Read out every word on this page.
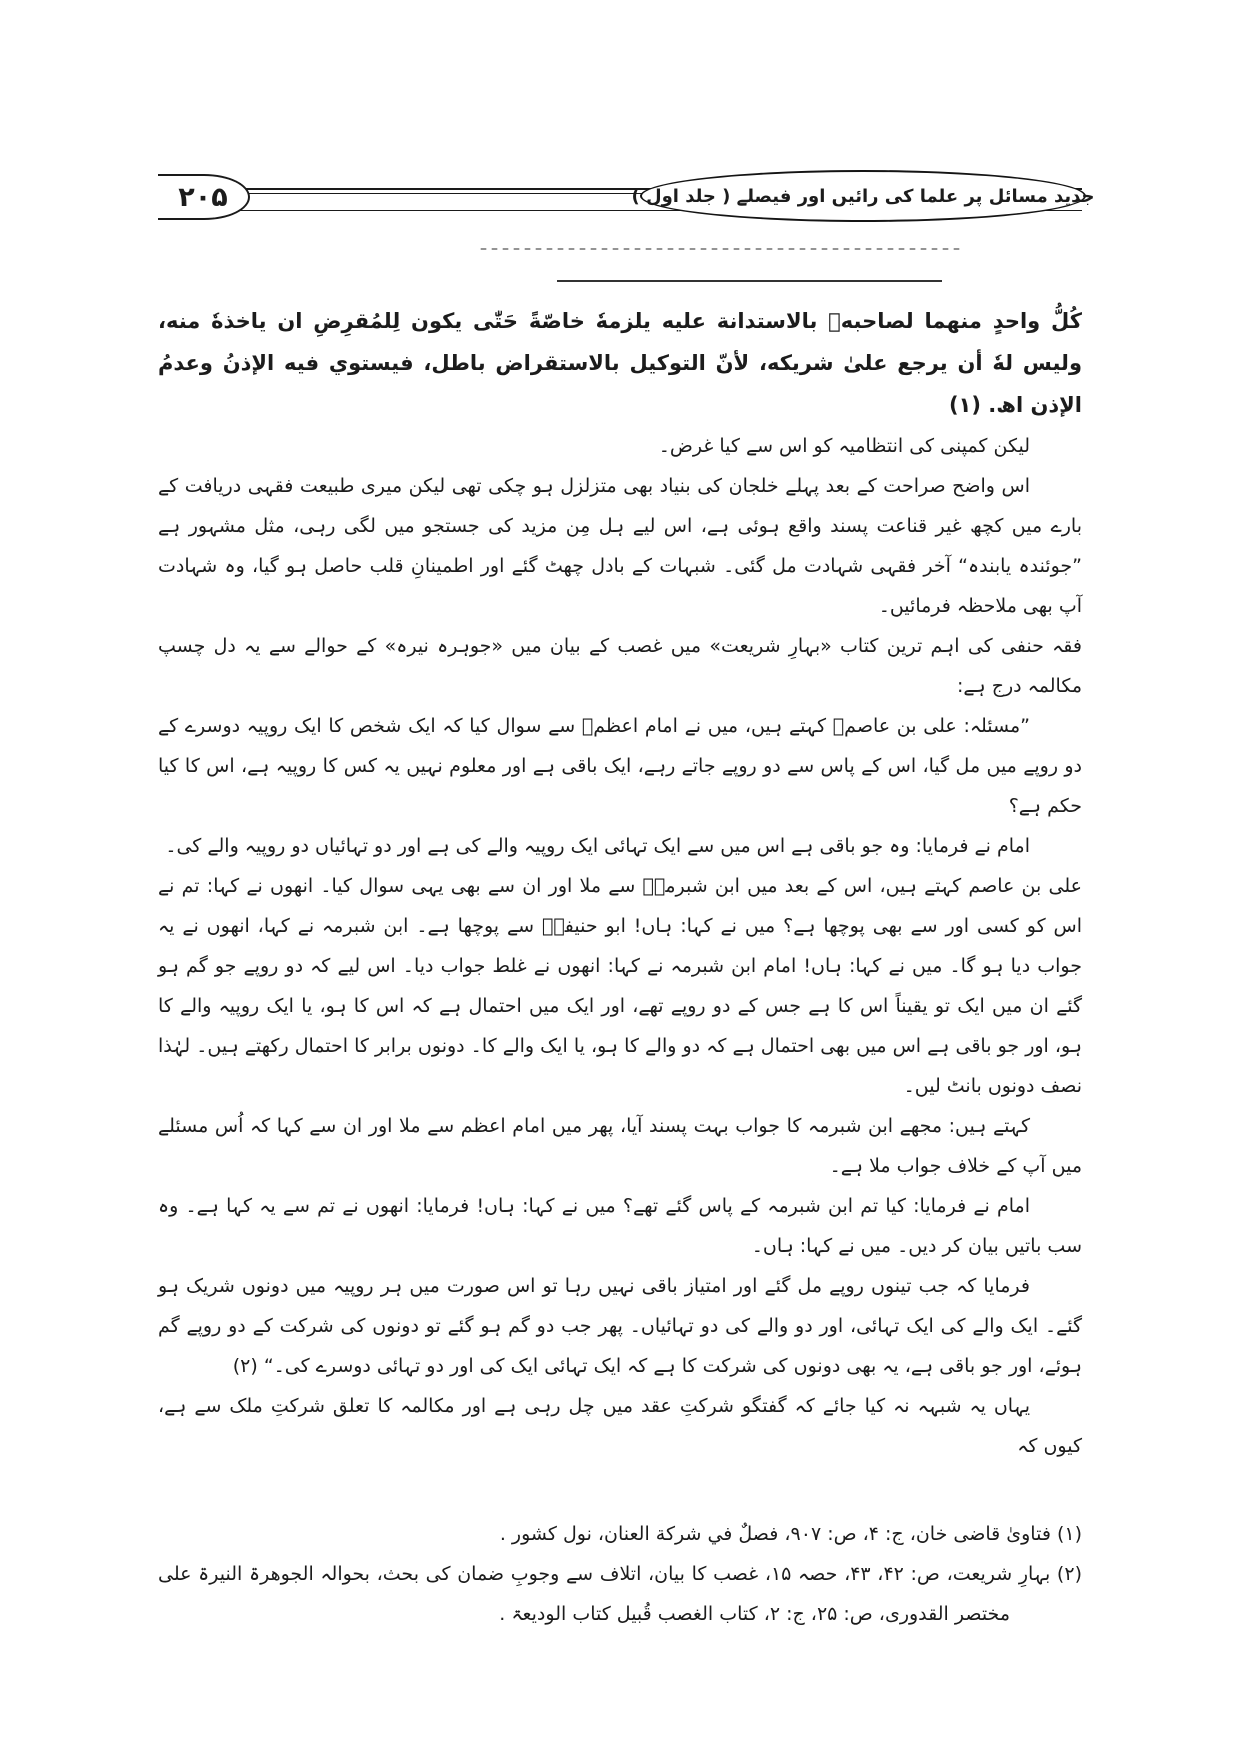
۲۰۵	جدید مسائل پر علما کی رائیں اور فیصلے ( جلد اول )
––––––––––––––––––––––––––––––––––––––––––––

كُلُّ واحدٍ منهما لصاحبهٖ بالاستدانة عليه يلزمهٗ خاصّةً حَتّٰى يكون لِلمُقرِضِ ان ياخذهٗ منه، وليس لهٗ أن يرجع علىٰ شريكه، لأنّ التوكيل بالاستقراض باطل، فيستوي فيه الإذنُ وعدمُ الإذن اھ. (۱)

لیکن کمپنی کی انتظامیہ کو اس سے کیا غرض۔

اس واضح صراحت کے بعد پہلے خلجان کی بنیاد بھی متزلزل ہو چکی تھی لیکن میری طبیعت فقہی دریافت کے بارے میں کچھ غیر قناعت پسند واقع ہوئی ہے، اس لیے ہل مِن مزید کی جستجو میں لگی رہی، مثل مشہور ہے ”جوئندہ یابندہ“ آخر فقہی شہادت مل گئی۔ شبہات کے بادل چھٹ گئے اور اطمینانِ قلب حاصل ہو گیا، وہ شہادت آپ بھی ملاحظہ فرمائیں۔

فقہ حنفی کی اہم ترین کتاب «بہارِ شریعت» میں غصب کے بیان میں «جوہرہ نیرہ» کے حوالے سے یہ دل چسپ مکالمہ درج ہے:

”مسئلہ: علی بن عاصمؒ کہتے ہیں، میں نے امام اعظمؓ سے سوال کیا کہ ایک شخص کا ایک روپیہ دوسرے کے دو روپے میں مل گیا، اس کے پاس سے دو روپے جاتے رہے، ایک باقی ہے اور معلوم نہیں یہ کس کا روپیہ ہے، اس کا کیا حکم ہے؟

امام نے فرمایا: وہ جو باقی ہے اس میں سے ایک تہائی ایک روپیہ والے کی ہے اور دو تہائیاں دو روپیہ والے کی۔

علی بن عاصم کہتے ہیں، اس کے بعد میں ابن شبرمہؒ سے ملا اور ان سے بھی یہی سوال کیا۔ انھوں نے کہا: تم نے اس کو کسی اور سے بھی پوچھا ہے؟ میں نے کہا: ہاں! ابو حنیفہؓ سے پوچھا ہے۔ ابن شبرمہ نے کہا، انھوں نے یہ جواب دیا ہو گا۔ میں نے کہا: ہاں! امام ابن شبرمہ نے کہا: انھوں نے غلط جواب دیا۔ اس لیے کہ دو روپے جو گم ہو گئے ان میں ایک تو یقیناً اس کا ہے جس کے دو روپے تھے، اور ایک میں احتمال ہے کہ اس کا ہو، یا ایک روپیہ والے کا ہو، اور جو باقی ہے اس میں بھی احتمال ہے کہ دو والے کا ہو، یا ایک والے کا۔ دونوں برابر کا احتمال رکھتے ہیں۔ لہٰذا نصف دونوں بانٹ لیں۔

کہتے ہیں: مجھے ابن شبرمہ کا جواب بہت پسند آیا، پھر میں امام اعظم سے ملا اور ان سے کہا کہ اُس مسئلے میں آپ کے خلاف جواب ملا ہے۔

امام نے فرمایا: کیا تم ابن شبرمہ کے پاس گئے تھے؟ میں نے کہا: ہاں! فرمایا: انھوں نے تم سے یہ کہا ہے۔ وہ سب باتیں بیان کر دیں۔ میں نے کہا: ہاں۔

فرمایا کہ جب تینوں روپے مل گئے اور امتیاز باقی نہیں رہا تو اس صورت میں ہر روپیہ میں دونوں شریک ہو گئے۔ ایک والے کی ایک تہائی، اور دو والے کی دو تہائیاں۔ پھر جب دو گم ہو گئے تو دونوں کی شرکت کے دو روپے گم ہوئے، اور جو باقی ہے، یہ بھی دونوں کی شرکت کا ہے کہ ایک تہائی ایک کی اور دو تہائی دوسرے کی۔“ (۲)

یہاں یہ شبہہ نہ کیا جائے کہ گفتگو شرکتِ عقد میں چل رہی ہے اور مکالمہ کا تعلق شرکتِ ملک سے ہے، کیوں کہ

(۱) فتاویٰ قاضی خان، ج: ۴، ص: ۹۰۷، فصلٌ في شركة العنان، نول کشور .

(۲) بہارِ شریعت، ص: ۴۲، ۴۳، حصہ ۱۵، غصب کا بیان، اتلاف سے وجوبِ ضمان کی بحث، بحوالہ الجوھرۃ النیرۃ علی مختصر القدوری، ص: ۲۵، ج: ۲، کتاب الغصب قُبیل کتاب الودیعۃ .
